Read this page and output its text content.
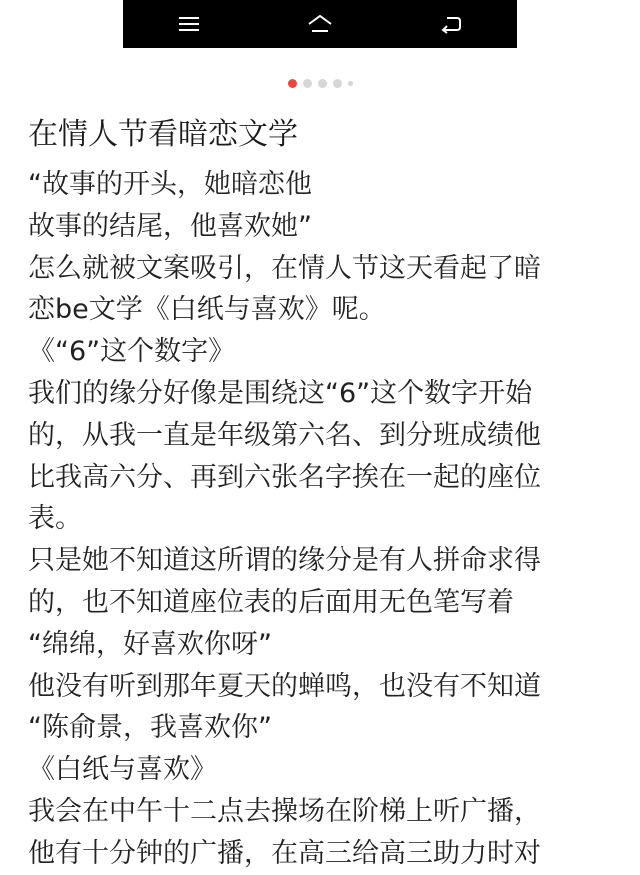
在情人节看暗恋文学
“故事的开头，她暗恋他
故事的结尾，他喜欢她”
怎么就被文案吸引，在情人节这天看起了暗
恋be文学《白纸与喜欢》呢。
《“6”这个数字》
我们的缘分好像是围绕这“6”这个数字开始
的，从我一直是年级第六名、到分班成绩他
比我高六分、再到六张名字挨在一起的座位
表。
只是她不知道这所谓的缘分是有人拼命求得
的，也不知道座位表的后面用无色笔写着
“绵绵，好喜欢你呀”
他没有听到那年夏天的蝉鸣，也没有不知道
“陈俞景，我喜欢你”
《白纸与喜欢》
我会在中午十二点去操场在阶梯上听广播，
他有十分钟的广播，在高三给高三助力时对
